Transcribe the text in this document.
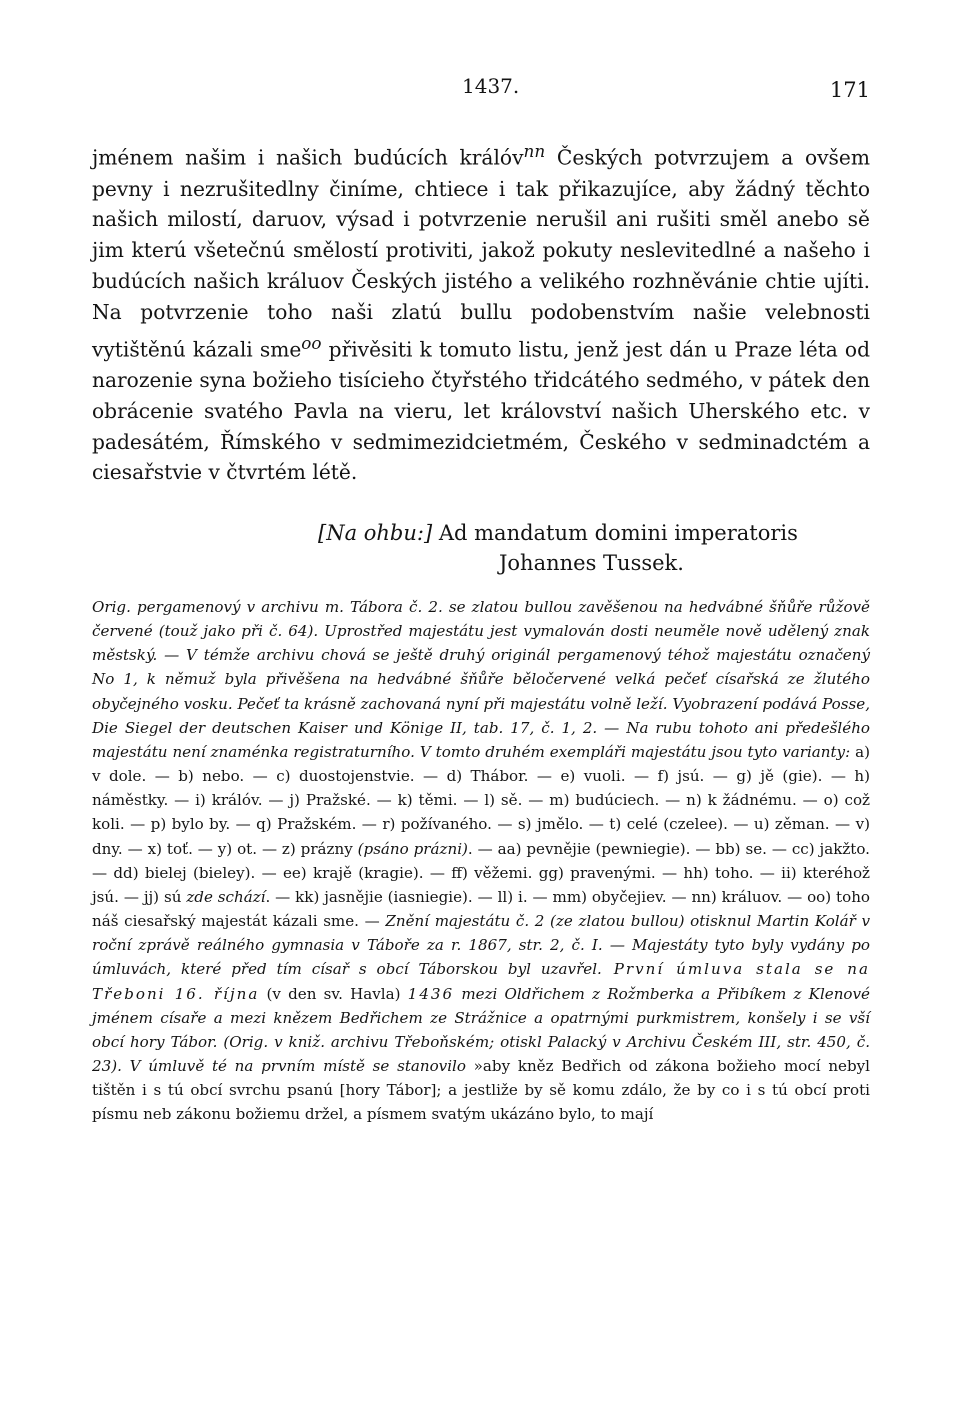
1437.	171

jménem našim i našich budúcích králóv$^{nn}$ Českých potvrzujem a ovšem pevny i nezrušitedlny činíme, chtiece i tak přikazujíce, aby žádný těchto našich milostí, daruov, výsad i potvrzenie nerušil ani rušiti směl anebo sě jim kterú všetečnú smělostí protiviti, jakož pokuty neslevitedlné a našeho i budúcích našich králuov Českých jistého a velikého rozhněvánie chtie ujíti. Na potvrzenie toho naši zlatú bullu podobenstvím našie velebnosti vytištěnú kázali sme$^{oo}$ přivěsiti k tomuto listu, jenž jest dán u Praze léta od narozenie syna božieho tisícieho čtyřstého třidcátého sedmého, v pátek den obrácenie svatého Pavla na vieru, let království našich Uherského etc. v padesátém, Římského v sedmimezidcietmém, Českého v sedminadctém a ciesařstvie v čtvrtém létě.

[Na ohbu:] Ad mandatum domini imperatoris
Johannes Tussek.

Orig. pergamenový v archivu m. Tábora č. 2. se zlatou bullou zavěšenou na hedvábné šňůře růžově červené (touž jako při č. 64). Uprostřed majestátu jest vymalován dosti neuměle nově udělený znak městský. — V témže archivu chová se ještě druhý originál pergamenový téhož majestátu označený No 1, k němuž byla přivěšena na hedvábné šňůře běločervené velká pečeť císařská ze žlutého obyčejného vosku. Pečeť ta krásně zachovaná nyní při majestátu volně leží. Vyobrazení podává Posse, Die Siegel der deutschen Kaiser und Könige II, tab. 17, č. 1, 2. — Na rubu tohoto ani předešlého majestátu není znaménka registraturního. V tomto druhém exempláři majestátu jsou tyto varianty: a) v dole. — b) nebo. — c) duostojenstvie. — d) Thábor. — e) vuoli. — f) jsú. — g) jě (gie). — h) náměstky. — i) králóv. — j) Pražské. — k) těmi. — l) sě. — m) budúciech. — n) k žádnému. — o) což koli. — p) bylo by. — q) Pražském. — r) požívaného. — s) jmělo. — t) celé (czelee). — u) zěman. — v) dny. — x) toť. — y) ot. — z) prázny (psáno prázni). — aa) pevnějie (pewniegie). — bb) se. — cc) jakžto. — dd) bielej (bieley). — ee) krajě (kragie). — ff) věžemi. gg) pravenými. — hh) toho. — ii) kteréhož jsú. — jj) sú zde schází. — kk) jasnějie (iasniegie). — ll) i. — mm) obyčejiev. — nn) králuov. — oo) toho náš ciesařský majestát kázali sme. — Znění majestátu č. 2 (ze zlatou bullou) otisknul Martin Kolář v roční zprávě reálného gymnasia v Táboře za r. 1867, str. 2, č. I. — Majestáty tyto byly vydány po úmluvách, které před tím císař s obcí Táborskou byl uzavřel. První úmluva stala se na Třeboni 16. října (v den sv. Havla) 1436 mezi Oldřichem z Rožmberka a Přibíkem z Klenové jménem císaře a mezi knězem Bedřichem ze Strážnice a opatrnými purkmistrem, konšely i se vší obcí hory Tábor. (Orig. v kniž. archivu Třeboňském; otiskl Palacký v Archivu Českém III, str. 450, č. 23). V úmluvě té na prvním místě se stanovilo »aby kněz Bedřich od zákona božieho mocí nebyl tištěn i s tú obcí svrchu psanú [hory Tábor]; a jestližе by sě komu zdálo, že by co i s tú obcí proti písmu neb zákonu božiemu držel, a písmem svatým ukázáno bylo, to mají
